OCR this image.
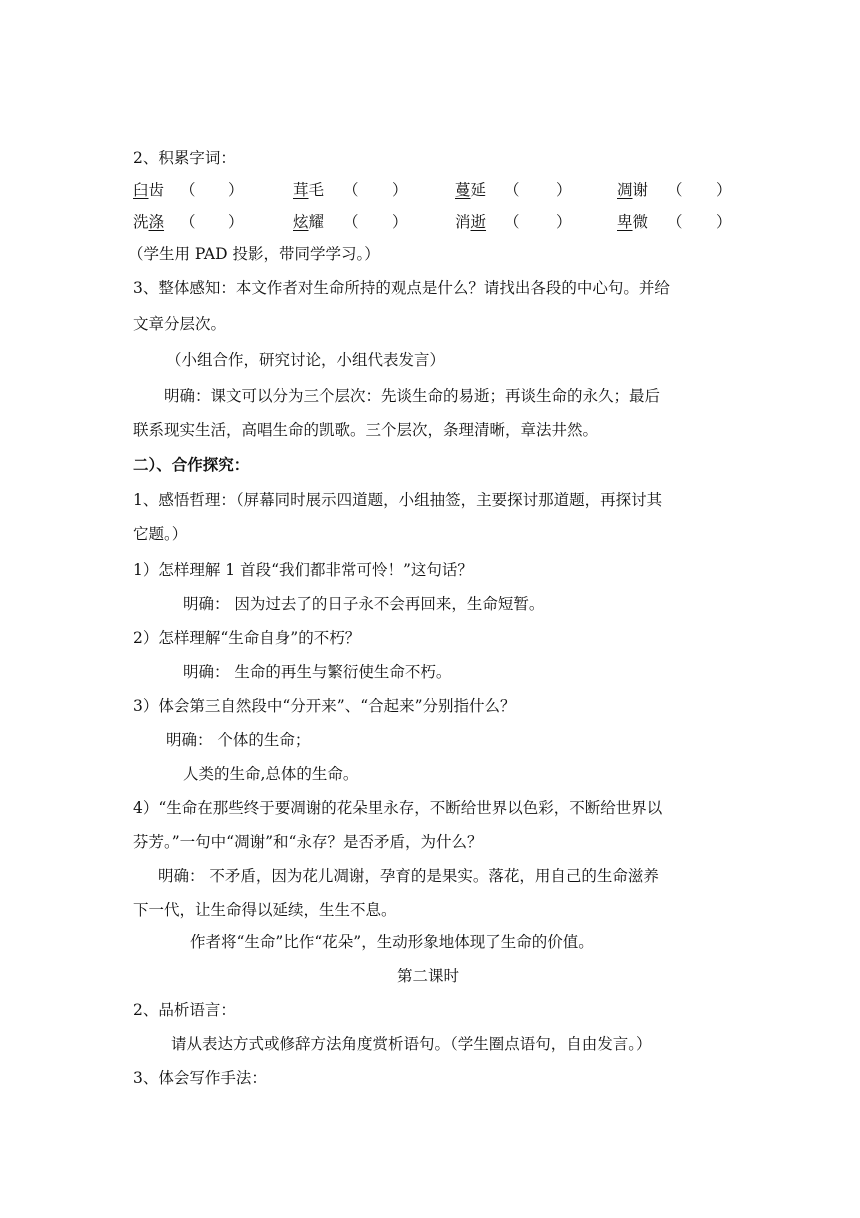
2、积累字词：
臼齿 （ ）	茸毛 （ ）	蔓延 （ ）	凋谢 （ ）
洗涤 （ ）	炫耀 （ ）	消逝 （ ）	卑微 （ ）
（学生用 PAD 投影，带同学学习。）
3、整体感知：本文作者对生命所持的观点是什么？请找出各段的中心句。并给
文章分层次。
（小组合作，研究讨论，小组代表发言）
明确：课文可以分为三个层次：先谈生命的易逝；再谈生命的永久；最后
联系现实生活，高唱生命的凯歌。三个层次，条理清晰，章法井然。
二）、合作探究：
1、感悟哲理：（屏幕同时展示四道题，小组抽签，主要探讨那道题，再探讨其
它题。）
1）怎样理解 1 首段“我们都非常可怜！”这句话？
明确： 因为过去了的日子永不会再回来，生命短暂。
2）怎样理解“生命自身”的不朽？
明确： 生命的再生与繁衍使生命不朽。
3）体会第三自然段中“分开来”、“合起来”分别指什么？
明确： 个体的生命；
人类的生命,总体的生命。
4）“生命在那些终于要凋谢的花朵里永存，不断给世界以色彩，不断给世界以
芬芳。”一句中“凋谢”和“永存？是否矛盾，为什么？
明确： 不矛盾，因为花儿凋谢，孕育的是果实。落花，用自己的生命滋养
下一代，让生命得以延续，生生不息。
作者将“生命”比作“花朵”，生动形象地体现了生命的价值。
第二课时
2、品析语言：
请从表达方式或修辞方法角度赏析语句。（学生圈点语句，自由发言。）
3、体会写作手法：
